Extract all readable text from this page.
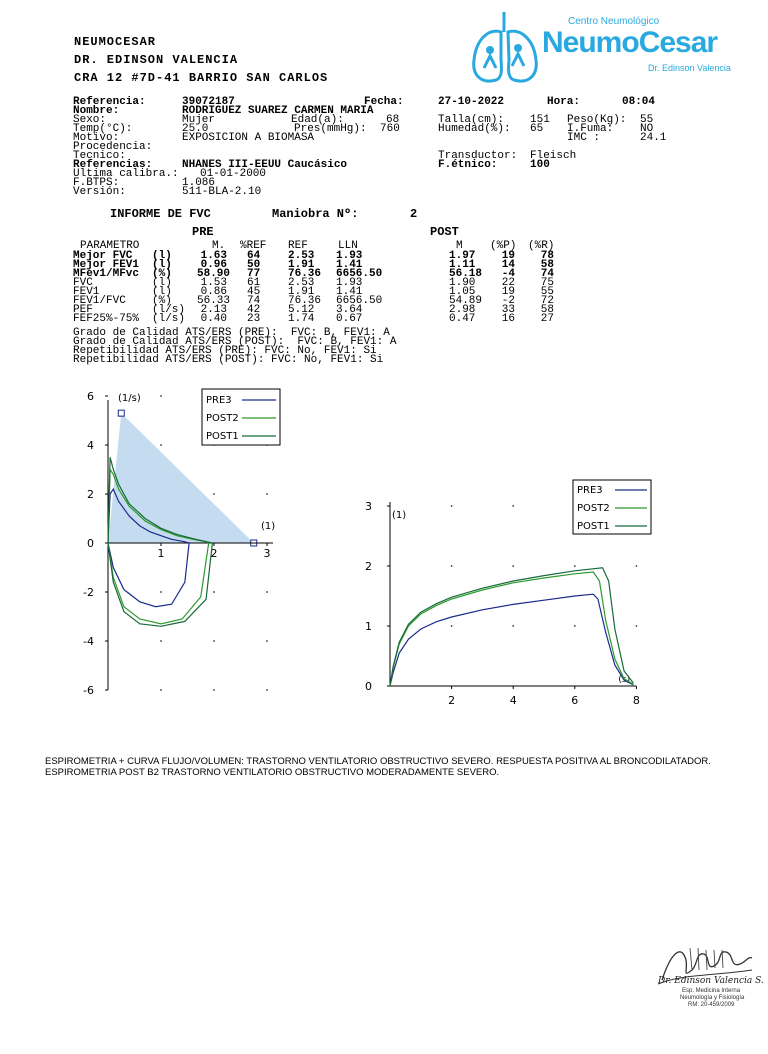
NEUMOCESAR
DR. EDINSON VALENCIA
CRA 12 #7D-41 BARRIO SAN CARLOS

Centro Neumológico

NeumoCesar

Dr. Edinson Valencia

Referencia:	39072187	Fecha:	27-10-2022	Hora:	08:04
Nombre:	RODRIGUEZ SUAREZ CARMEN MARIA
Sexo:	Mujer	Edad(a):	68	Talla(cm): 151 Peso(Kg): 55
Temp(°C):	25.0	Pres(mmHg): 760	Humedad(%): 65 I.Fuma: NO
Motivo:	EXPOSICION A BIOMASA	IMC :	24.1
Procedencia:
Tecnico:	Transductor: Fleisch
Referencias:	NHANES III-EEUU Caucásico	F.étnico:	100
Ultima calibra.: 01-01-2000
F.BTPS:	1.086
Versión:	511-BLA-2.10
INFORME DE FVC	Maniobra Nº:	2
PRE	POST
PARAMETRO	M. %REF REF	LLN	M (%P) (%R)
Mejor FVC (l)	1.63 64	2.53 1.93	1.97	19	78
Mejor FEV1 (l)	0.96 50	1.91 1.41	1.11	14	58
MFev1/MFvc (%) 58.90 77	76.36 6656.50	56.18	-4	74
FVC	(l)	1.53 61	2.53 1.93	1.90	22	75
FEV1	(l)	0.86 45	1.91 1.41	1.05	19	55
FEV1/FVC (%) 56.33 74	76.36 6656.50	54.89	-2	72
PEF	(l/s)	2.13 42	5.12 3.64	2.98	33	58
FEF25%-75% (l/s)	0.40 23	1.74 0.67	0.47	16	27
Grado de Calidad ATS/ERS (PRE):  FVC: B, FEV1: A
Grado de Calidad ATS/ERS (POST):  FVC: B, FEV1: A
Repetibilidad ATS/ERS (PRE): FVC: No, FEV1: Si
Repetibilidad ATS/ERS (POST): FVC: No, FEV1: Si
6
4
2
0
-2
-4
-6
1	2	3
(1/s)
(1)
PRE3
POST2
POST1
3
2
1
0
2	4	6	8
(1)
(s)
PRE3
POST2
POST1
ESPIROMETRIA + CURVA FLUJO/VOLUMEN: TRASTORNO VENTILATORIO OBSTRUCTIVO SEVERO. RESPUESTA POSITIVA AL BRONCODILATADOR.
ESPIROMETRIA POST B2 TRASTORNO VENTILATORIO OBSTRUCTIVO MODERADAMENTE SEVERO.

Dr. Edinson Valencia S.

Esp. Medicina Interna

Neumología y Fisiología

RM: 20-459/2009
